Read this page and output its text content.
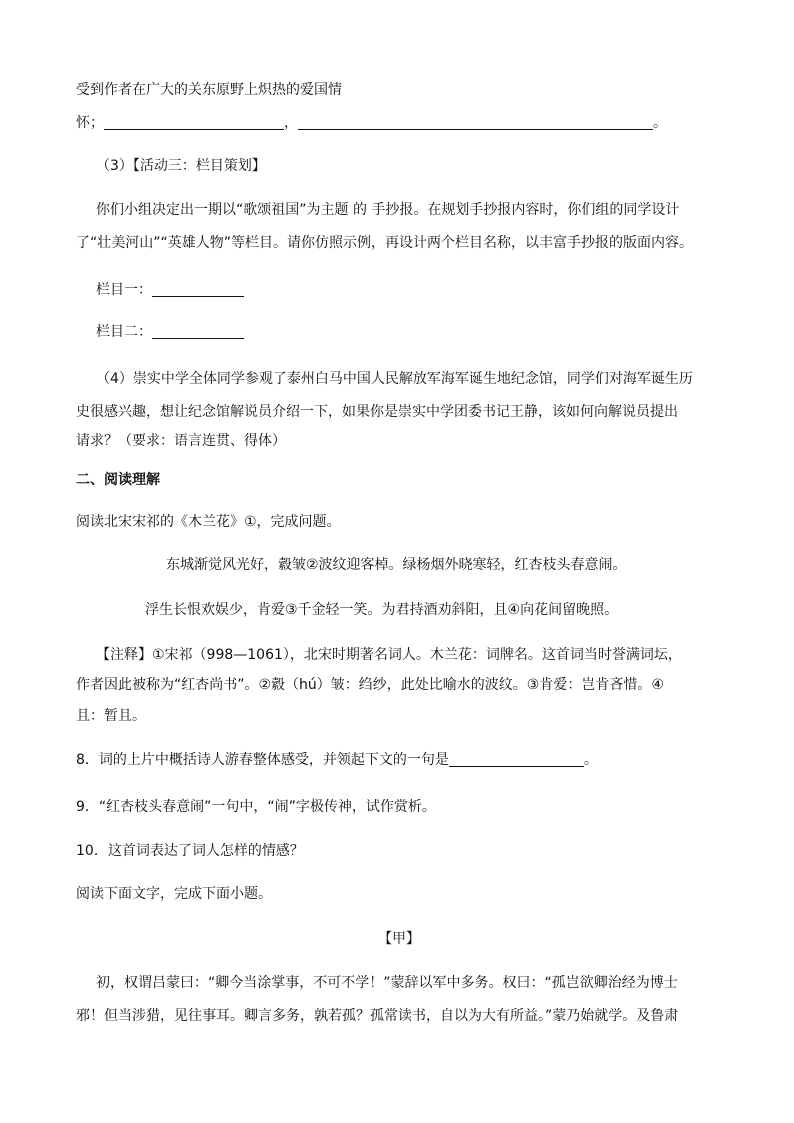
受到作者在广大的关东原野上炽热的爱国情
怀；	，	。
（3）【活动三：栏目策划】
你们小组决定出一期以“歌颂祖国”为主题 的 手抄报。在规划手抄报内容时，你们组的同学设计
了“壮美河山”“英雄人物”等栏目。请你仿照示例，再设计两个栏目名称，以丰富手抄报的版面内容。
栏目一：
栏目二：
（4）崇实中学全体同学参观了泰州白马中国人民解放军海军诞生地纪念馆，同学们对海军诞生历
史很感兴趣，想让纪念馆解说员介绍一下，如果你是崇实中学团委书记王静，该如何向解说员提出
请求？（要求：语言连贯、得体）
二、阅读理解
阅读北宋宋祁的《木兰花》①，完成问题。
东城渐觉风光好，縠皱②波纹迎客棹。绿杨烟外晓寒轻，红杏枝头春意闹。
浮生长恨欢娱少，肯爱③千金轻一笑。为君持酒劝斜阳，且④向花间留晚照。
【注释】①宋祁（998—1061），北宋时期著名词人。木兰花：词牌名。这首词当时誉满词坛，
作者因此被称为“红杏尚书”。②縠（hú）皱：绉纱，此处比喻水的波纹。③肯爱：岂肯吝惜。④
且：暂且。
8．词的上片中概括诗人游春整体感受，并领起下文的一句是	。
9．“红杏枝头春意闹”一句中，“闹”字极传神，试作赏析。
10．这首词表达了词人怎样的情感？
阅读下面文字，完成下面小题。
【甲】
初，权谓吕蒙曰：“卿今当涂掌事，不可不学！”蒙辞以军中多务。权曰：“孤岂欲卿治经为博士
邪！但当涉猎，见往事耳。卿言多务，孰若孤？孤常读书，自以为大有所益。”蒙乃始就学。及鲁肃
